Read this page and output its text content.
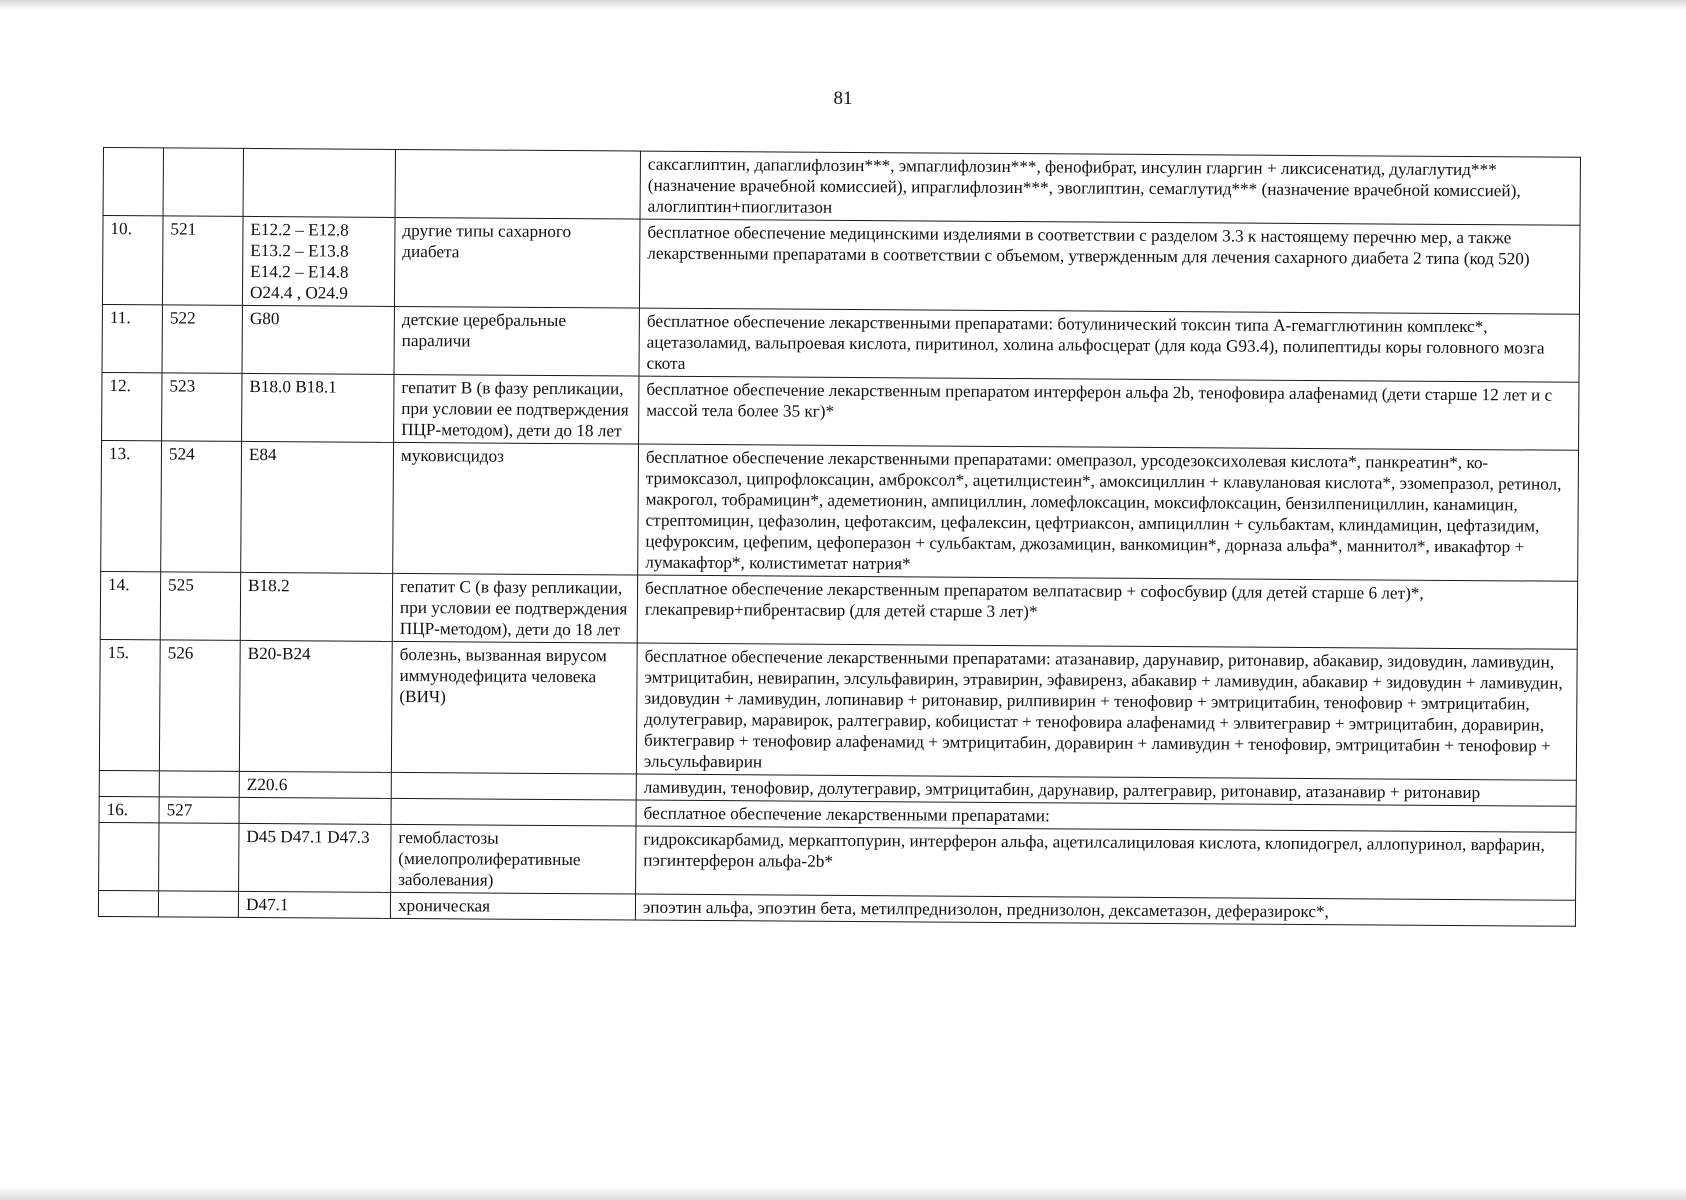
81
				саксаглиптин, дапаглифлозин***, эмпаглифлозин***, фенофибрат, инсулин гларгин + ликсисенатид, дулаглутид*** (назначение врачебной комиссией), ипраглифлозин***, эвоглиптин, семаглутид*** (назначение врачебной комиссией), алоглиптин+пиоглитазон
10.	521	E12.2 – E12.8 E13.2 – E13.8 E14.2 – E14.8 O24.4 , O24.9	другие типы сахарного диабета	бесплатное обеспечение медицинскими изделиями в соответствии с разделом 3.3 к настоящему перечню мер, а также лекарственными препаратами в соответствии с объемом, утвержденным для лечения сахарного диабета 2 типа (код 520)
11.	522	G80	детские церебральные параличи	бесплатное обеспечение лекарственными препаратами: ботулинический токсин типа А-гемагглютинин комплекс*, ацетазоламид, вальпроевая кислота, пиритинол, холина альфосцерат (для кода G93.4), полипептиды коры головного мозга скота
12.	523	B18.0 B18.1	гепатит В (в фазу репликации, при условии ее подтверждения ПЦР-методом), дети до 18 лет	бесплатное обеспечение лекарственным препаратом интерферон альфа 2b, тенофовира алафенамид (дети старше 12 лет и с массой тела более 35 кг)*
13.	524	E84	муковисцидоз	бесплатное обеспечение лекарственными препаратами: омепразол, урсодезоксихолевая кислота*, панкреатин*, ко-тримоксазол, ципрофлоксацин, амброксол*, ацетилцистеин*, амоксициллин + клавулановая кислота*, эзомепразол, ретинол, макрогол, тобрамицин*, адеметионин, ампициллин, ломефлоксацин, моксифлоксацин, бензилпенициллин, канамицин, стрептомицин, цефазолин, цефотаксим, цефалексин, цефтриаксон, ампициллин + сульбактам, клиндамицин, цефтазидим, цефуроксим, цефепим, цефоперазон + сульбактам, джозамицин, ванкомицин*, дорназа альфа*, маннитол*, ивакафтор + лумакафтор*, колистиметат натрия*
14.	525	B18.2	гепатит С (в фазу репликации, при условии ее подтверждения ПЦР-методом), дети до 18 лет	бесплатное обеспечение лекарственным препаратом велпатасвир + софосбувир (для детей старше 6 лет)*, глекапревир+пибрентасвир (для детей старше 3 лет)*
15.	526	B20-B24	болезнь, вызванная вирусом иммунодефицита человека (ВИЧ)	бесплатное обеспечение лекарственными препаратами: атазанавир, дарунавир, ритонавир, абакавир, зидовудин, ламивудин, эмтрицитабин, невирапин, элсульфавирин, этравирин, эфавиренз, абакавир + ламивудин, абакавир + зидовудин + ламивудин, зидовудин + ламивудин, лопинавир + ритонавир, рилпивирин + тенофовир + эмтрицитабин, тенофовир + эмтрицитабин, долутегравир, маравирок, ралтегравир, кобицистат + тенофовира алафенамид + элвитегравир + эмтрицитабин, доравирин, биктегравир + тенофовир алафенамид + эмтрицитабин, доравирин + ламивудин + тенофовир, эмтрицитабин + тенофовир + эльсульфавирин
		Z20.6		ламивудин, тенофовир, долутегравир, эмтрицитабин, дарунавир, ралтегравир, ритонавир, атазанавир + ритонавир
16.	527			бесплатное обеспечение лекарственными препаратами:
		D45 D47.1 D47.3	гемобластозы (миелопролиферативные заболевания)	гидроксикарбамид, меркаптопурин, интерферон альфа, ацетилсалициловая кислота, клопидогрел, аллопуринол, варфарин, пэгинтерферон альфа-2b*
		D47.1	хроническая	эпоэтин альфа, эпоэтин бета, метилпреднизолон, преднизолон, дексаметазон, деферазирокс*,
